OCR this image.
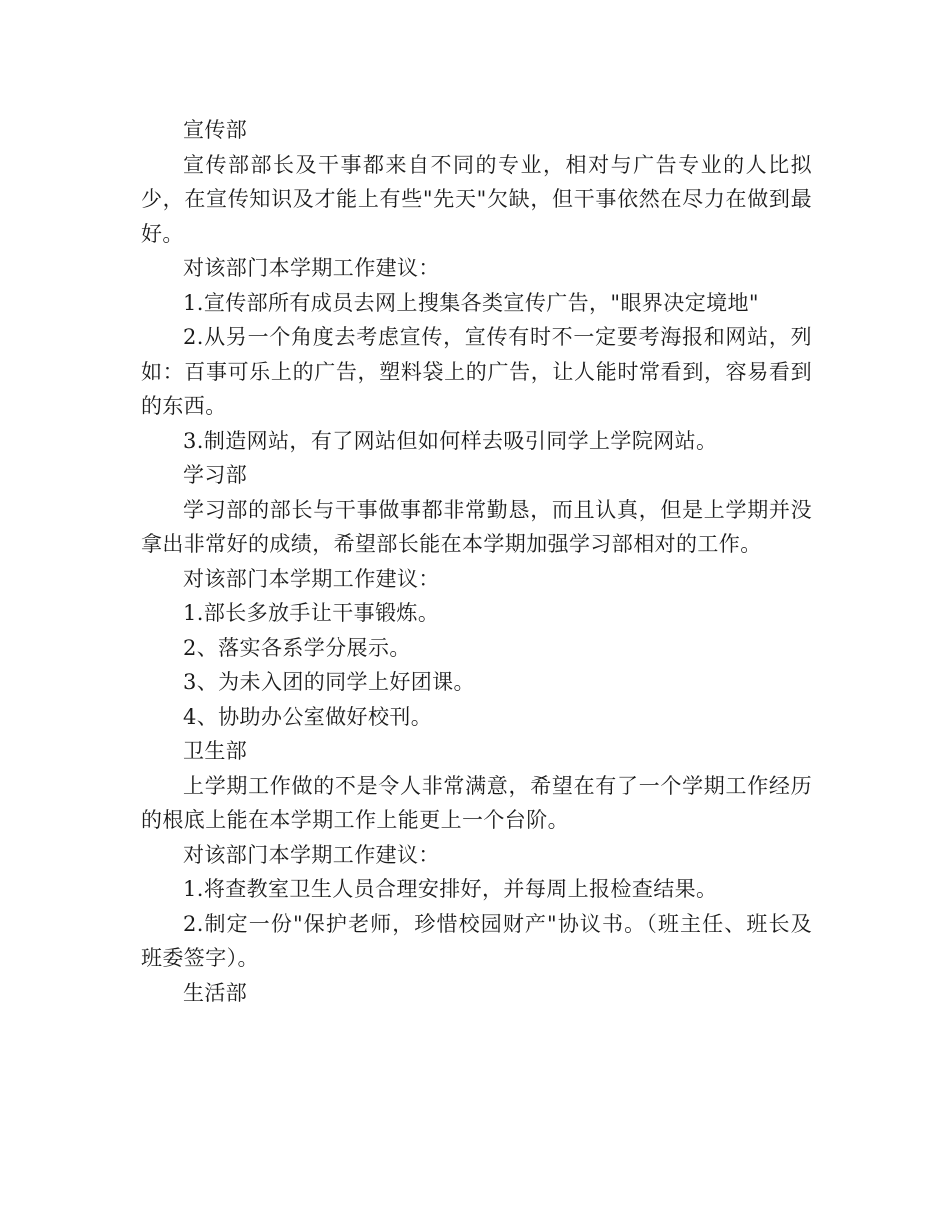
宣传部

宣传部部长及干事都来自不同的专业，相对与广告专业的人比拟少，在宣传知识及才能上有些"先天"欠缺，但干事依然在尽力在做到最好。

对该部门本学期工作建议：

1.宣传部所有成员去网上搜集各类宣传广告，"眼界决定境地"

2.从另一个角度去考虑宣传，宣传有时不一定要考海报和网站，列如：百事可乐上的广告，塑料袋上的广告，让人能时常看到，容易看到的东西。

3.制造网站，有了网站但如何样去吸引同学上学院网站。

学习部

学习部的部长与干事做事都非常勤恳，而且认真，但是上学期并没拿出非常好的成绩，希望部长能在本学期加强学习部相对的工作。

对该部门本学期工作建议：

1.部长多放手让干事锻炼。

2、落实各系学分展示。

3、为未入团的同学上好团课。

4、协助办公室做好校刊。

卫生部

上学期工作做的不是令人非常满意，希望在有了一个学期工作经历的根底上能在本学期工作上能更上一个台阶。

对该部门本学期工作建议：

1.将查教室卫生人员合理安排好，并每周上报检查结果。

2.制定一份"保护老师，珍惜校园财产"协议书。（班主任、班长及班委签字）。

生活部
